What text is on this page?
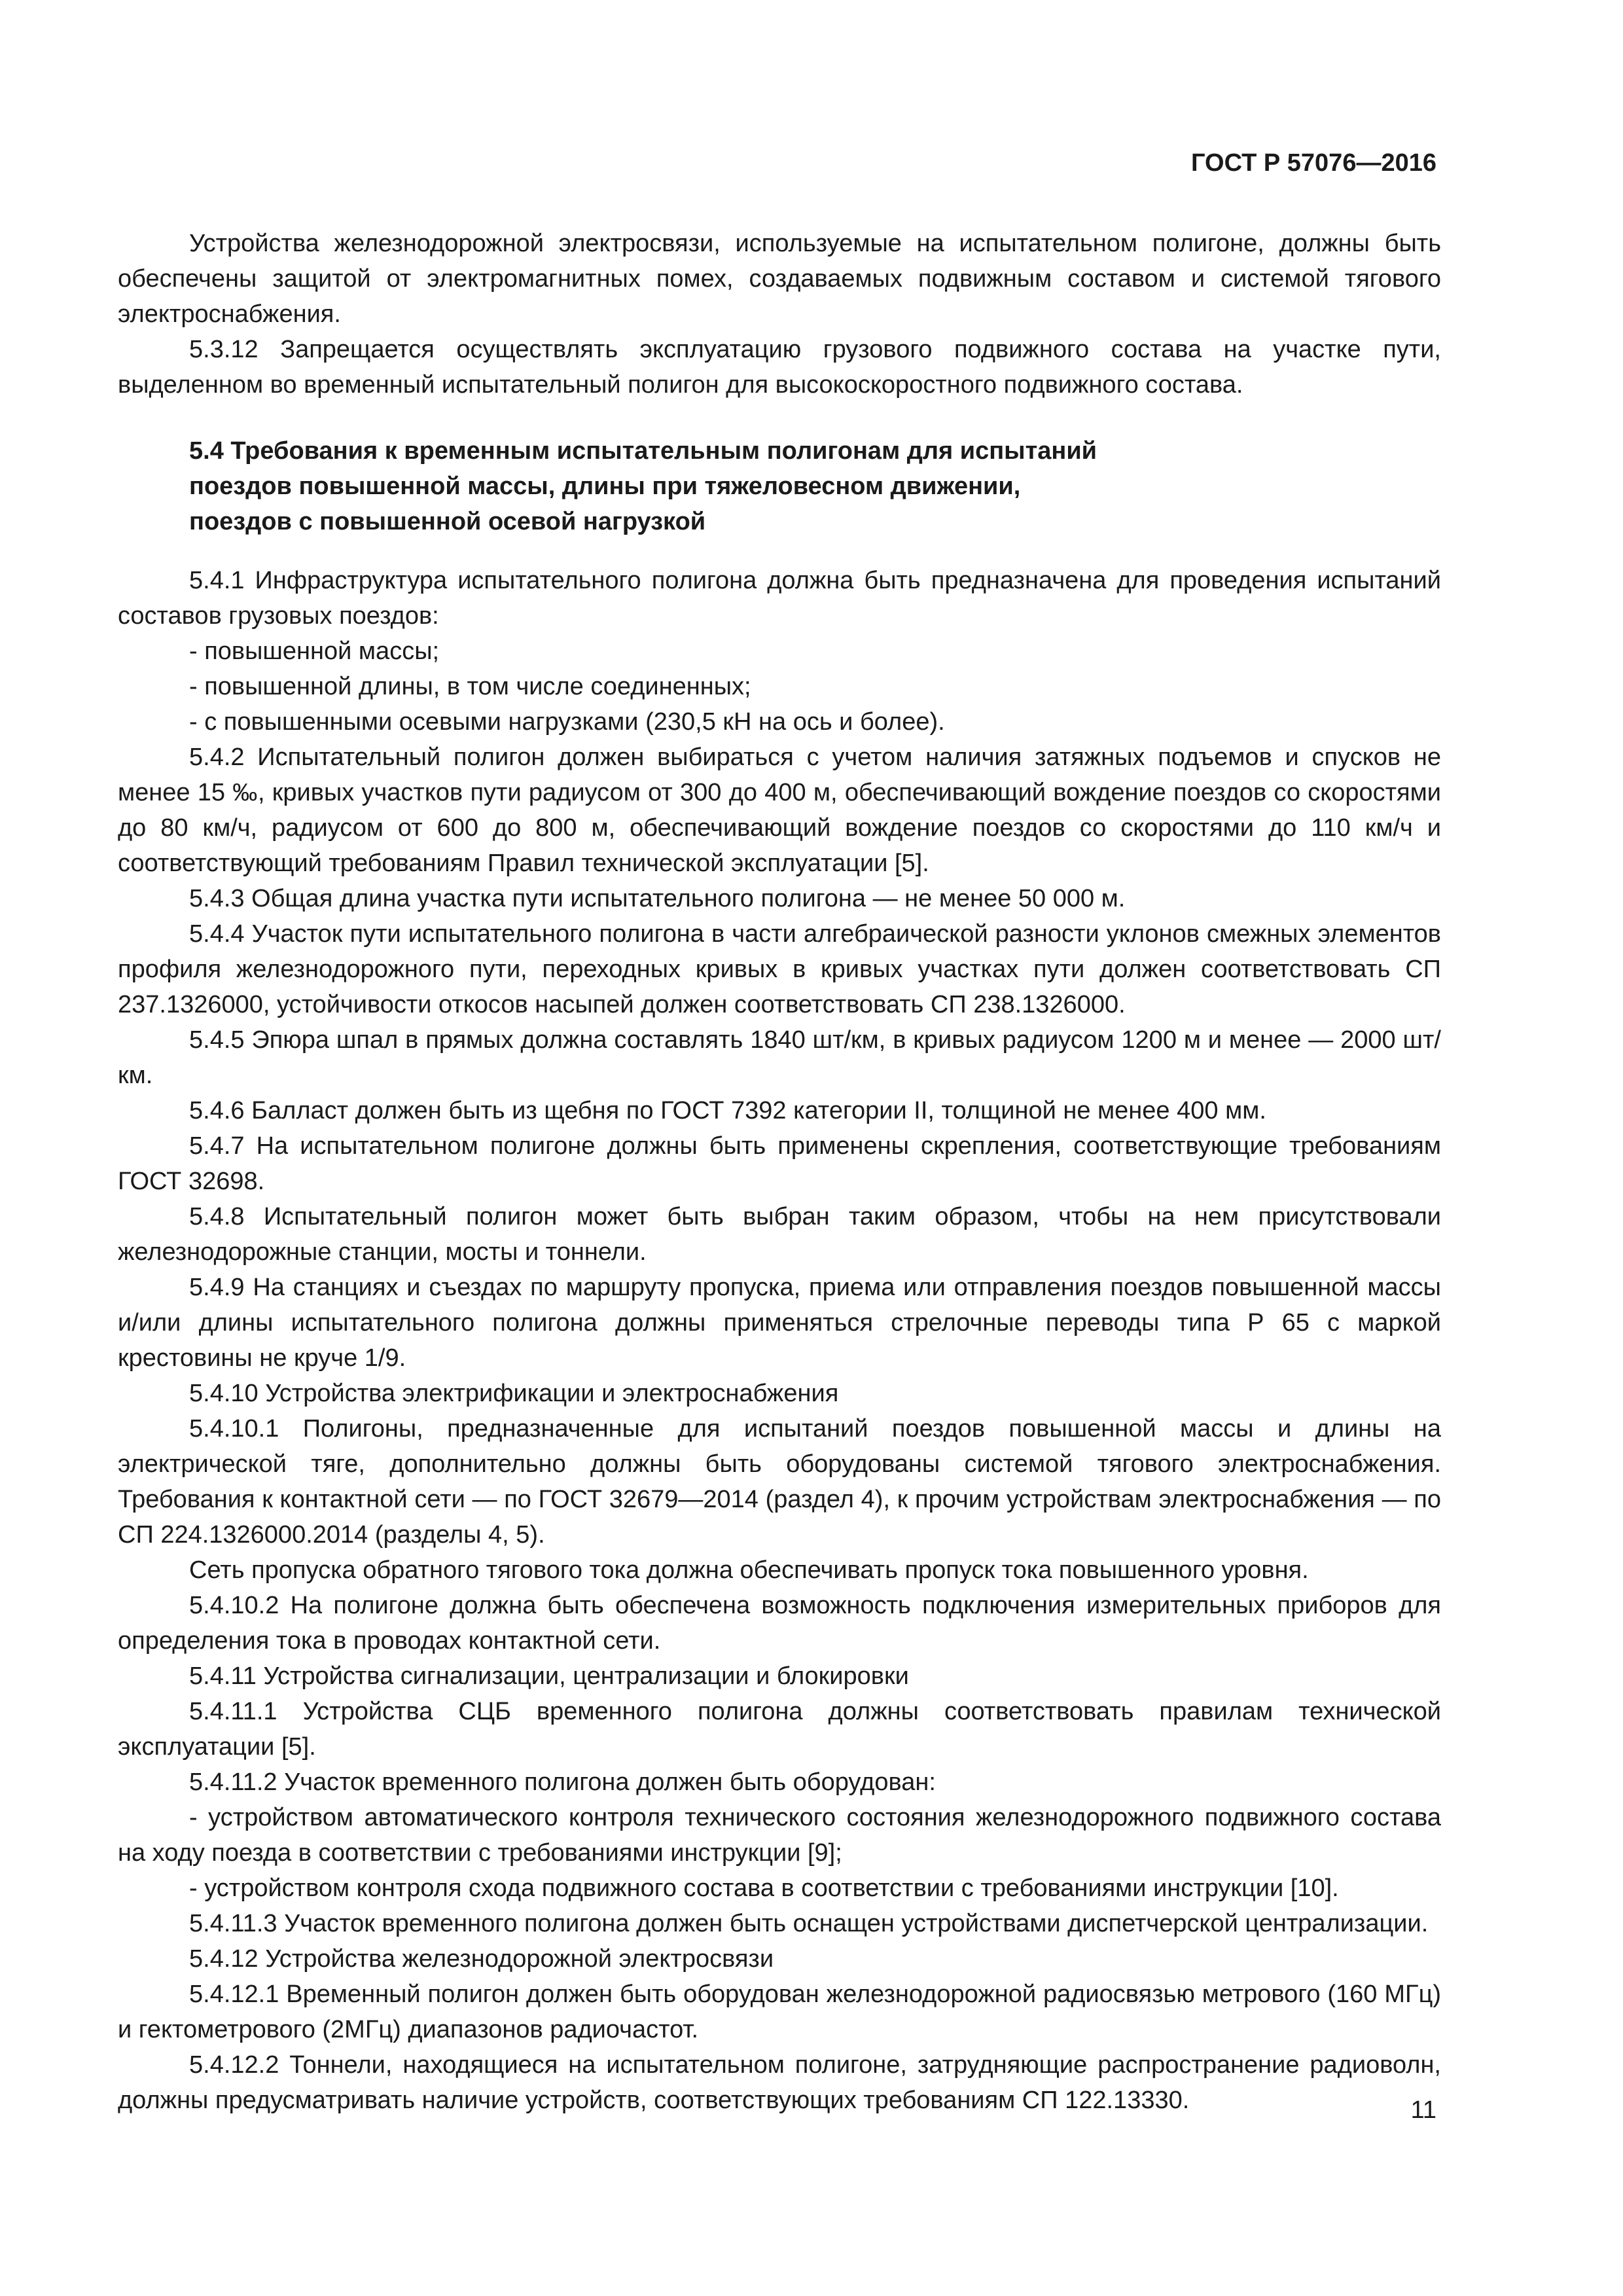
ГОСТ Р 57076—2016

Устройства железнодорожной электросвязи, используемые на испытательном полигоне, должны быть обеспечены защитой от электромагнитных помех, создаваемых подвижным составом и системой тягового электроснабжения.

5.3.12 Запрещается осуществлять эксплуатацию грузового подвижного состава на участке пути, выделенном во временный испытательный полигон для высокоскоростного подвижного состава.

5.4 Требования к временным испытательным полигонам для испытаний
поездов повышенной массы, длины при тяжеловесном движении,
поездов с повышенной осевой нагрузкой

5.4.1 Инфраструктура испытательного полигона должна быть предназначена для проведения испытаний составов грузовых поездов:

- повышенной массы;

- повышенной длины, в том числе соединенных;

- с повышенными осевыми нагрузками (230,5 кН на ось и более).

5.4.2 Испытательный полигон должен выбираться с учетом наличия затяжных подъемов и спусков не менее 15 ‰, кривых участков пути радиусом от 300 до 400 м, обеспечивающий вождение поездов со скоростями до 80 км/ч, радиусом от 600 до 800 м, обеспечивающий вождение поездов со скоростями до 110 км/ч и соответствующий требованиям Правил технической эксплуатации [5].

5.4.3 Общая длина участка пути испытательного полигона — не менее 50 000 м.

5.4.4 Участок пути испытательного полигона в части алгебраической разности уклонов смежных элементов профиля железнодорожного пути, переходных кривых в кривых участках пути должен соответствовать СП 237.1326000, устойчивости откосов насыпей должен соответствовать СП 238.1326000.

5.4.5 Эпюра шпал в прямых должна составлять 1840 шт/км, в кривых радиусом 1200 м и менее — 2000 шт/км.

5.4.6 Балласт должен быть из щебня по ГОСТ 7392 категории II, толщиной не менее 400 мм.

5.4.7 На испытательном полигоне должны быть применены скрепления, соответствующие требованиям ГОСТ 32698.

5.4.8 Испытательный полигон может быть выбран таким образом, чтобы на нем присутствовали железнодорожные станции, мосты и тоннели.

5.4.9 На станциях и съездах по маршруту пропуска, приема или отправления поездов повышенной массы и/или длины испытательного полигона должны применяться стрелочные переводы типа Р 65 с маркой крестовины не круче 1/9.

5.4.10 Устройства электрификации и электроснабжения

5.4.10.1 Полигоны, предназначенные для испытаний поездов повышенной массы и длины на электрической тяге, дополнительно должны быть оборудованы системой тягового электроснабжения. Требования к контактной сети — по ГОСТ 32679—2014 (раздел 4), к прочим устройствам электроснабжения — по СП 224.1326000.2014 (разделы 4, 5).

Сеть пропуска обратного тягового тока должна обеспечивать пропуск тока повышенного уровня.

5.4.10.2 На полигоне должна быть обеспечена возможность подключения измерительных приборов для определения тока в проводах контактной сети.

5.4.11 Устройства сигнализации, централизации и блокировки

5.4.11.1 Устройства СЦБ временного полигона должны соответствовать правилам технической эксплуатации [5].

5.4.11.2 Участок временного полигона должен быть оборудован:

- устройством автоматического контроля технического состояния железнодорожного подвижного состава на ходу поезда в соответствии с требованиями инструкции [9];

- устройством контроля схода подвижного состава в соответствии с требованиями инструкции [10].

5.4.11.3 Участок временного полигона должен быть оснащен устройствами диспетчерской централизации.

5.4.12 Устройства железнодорожной электросвязи

5.4.12.1 Временный полигон должен быть оборудован железнодорожной радиосвязью метрового (160 МГц) и гектометрового (2МГц) диапазонов радиочастот.

5.4.12.2 Тоннели, находящиеся на испытательном полигоне, затрудняющие распространение радиоволн, должны предусматривать наличие устройств, соответствующих требованиям СП 122.13330.	11
